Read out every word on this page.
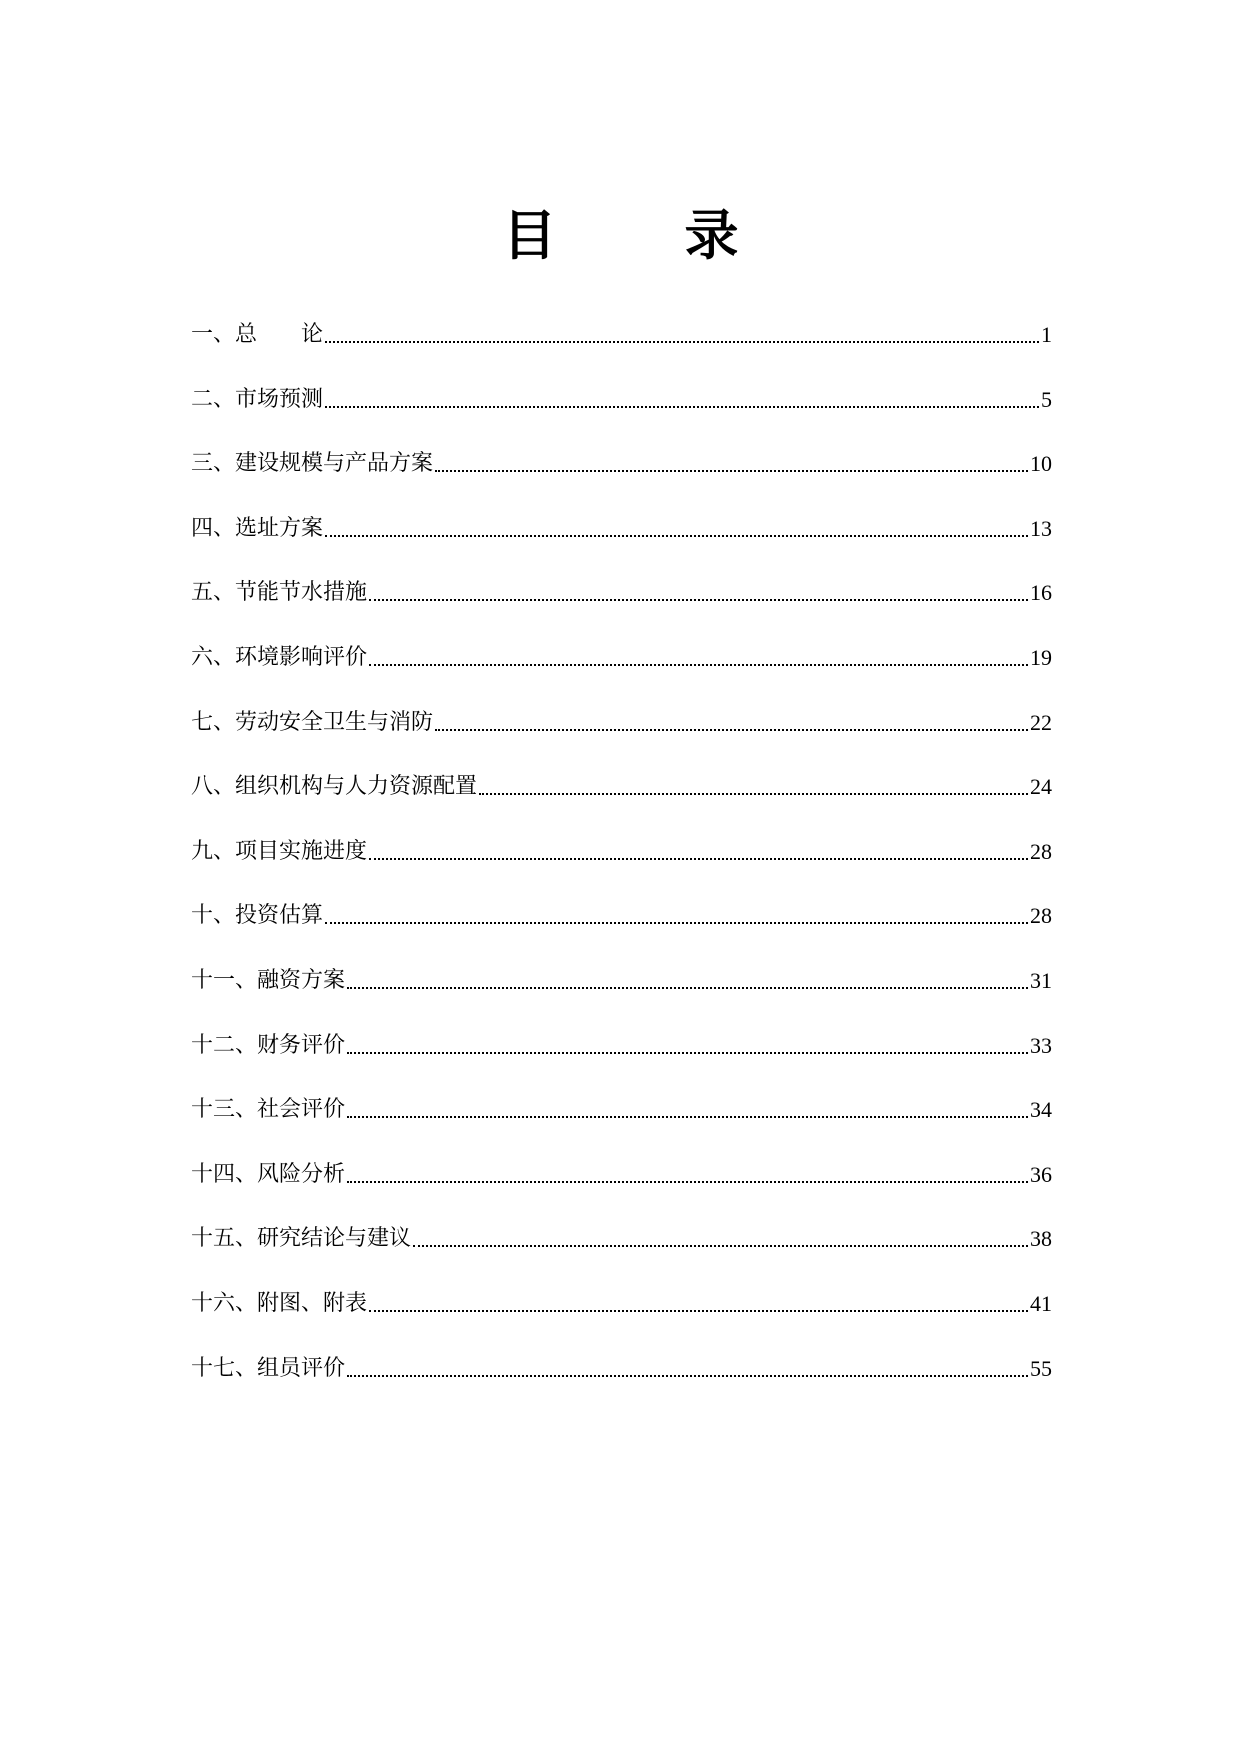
目 录
一、总　　论	1
二、市场预测	5
三、建设规模与产品方案	10
四、选址方案	13
五、节能节水措施	16
六、环境影响评价	19
七、劳动安全卫生与消防	22
八、组织机构与人力资源配置	24
九、项目实施进度	28
十、投资估算	28
十一、融资方案	31
十二、财务评价	33
十三、社会评价	34
十四、风险分析	36
十五、研究结论与建议	38
十六、附图、附表	41
十七、组员评价	55
